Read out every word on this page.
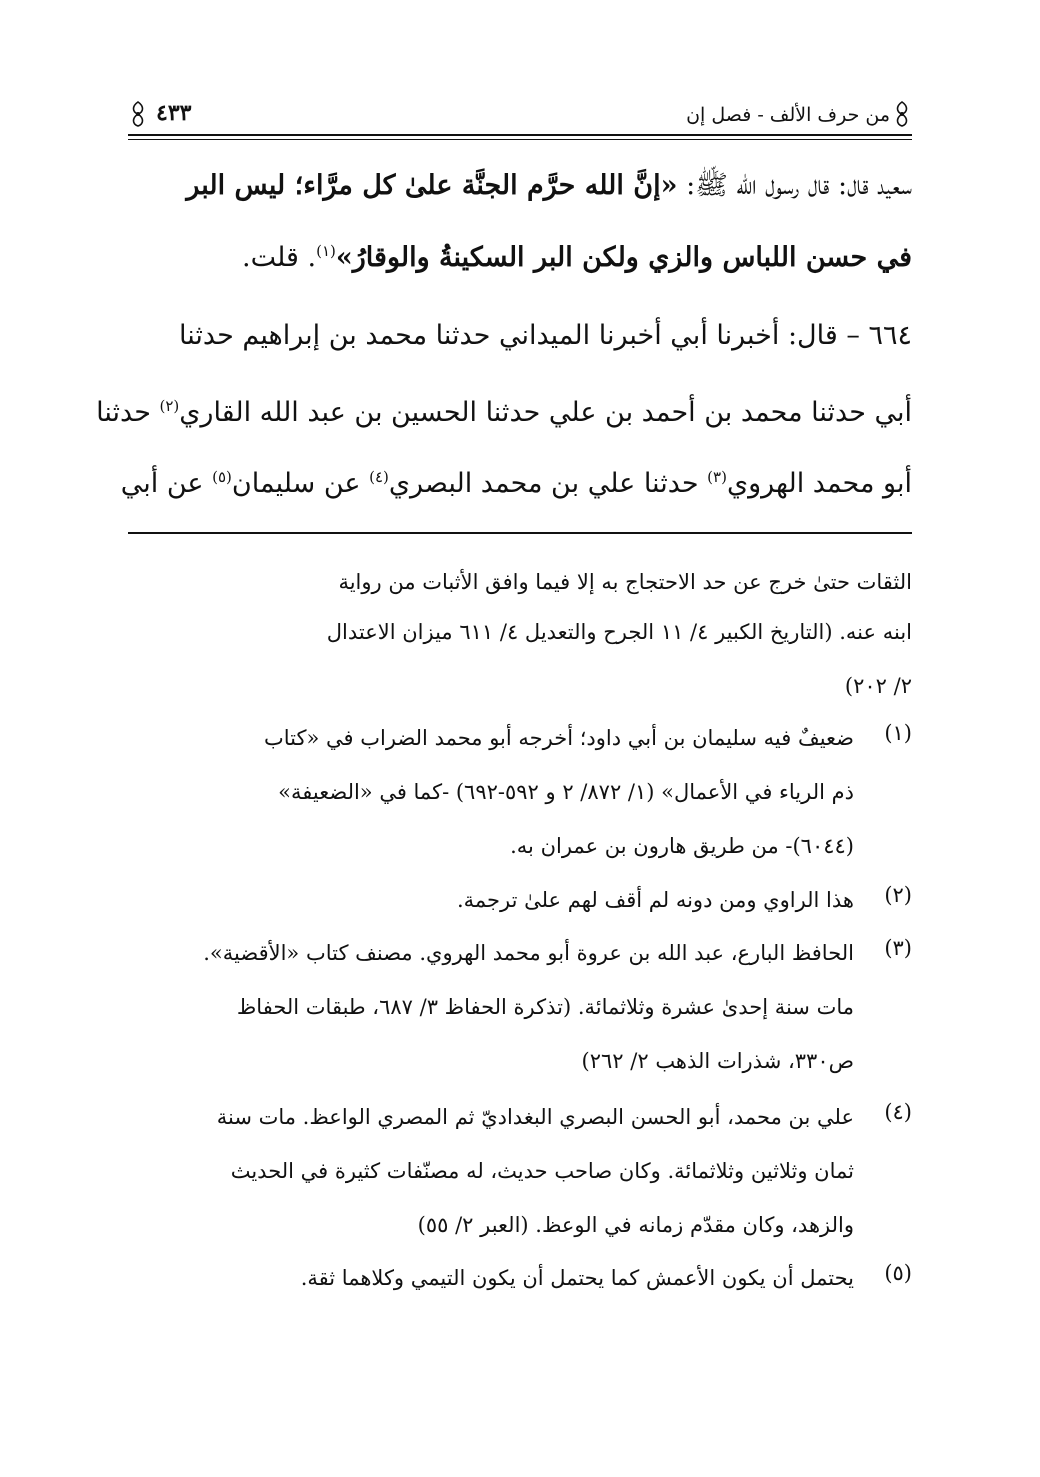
من حرف الألف - فصل إن
٤٣٣
سعيد قال: قال رسول الله ﷺ: «إنَّ الله حرَّم الجنَّة علىٰ كل مرَّاء؛ ليس البر
في حسن اللباس والزي ولكن البر السكينةُ والوقارُ»$^{(١)}$. قلت.
٦٦٤ – قال: أخبرنا أبي أخبرنا الميداني حدثنا محمد بن إبراهيم حدثنا
أبي حدثنا محمد بن أحمد بن علي حدثنا الحسين بن عبد الله القاري$^{(٢)}$ حدثنا
أبو محمد الهروي$^{(٣)}$ حدثنا علي بن محمد البصري$^{(٤)}$ عن سليمان$^{(٥)}$ عن أبي
الثقات حتىٰ خرج عن حد الاحتجاج به إلا فيما وافق الأثبات من رواية
ابنه عنه. (التاريخ الكبير ٤/ ١١ الجرح والتعديل ٤/ ٦١١ ميزان الاعتدال
٢/ ٢٠٢)
(١)
ضعيفٌ فيه سليمان بن أبي داود؛ أخرجه أبو محمد الضراب في «كتاب
ذم الرياء في الأعمال» (١/ ٨٧٢/ ٢ و ٥٩٢-٦٩٢) -كما في «الضعيفة»
(٦٠٤٤)- من طريق هارون بن عمران به.
(٢)
هذا الراوي ومن دونه لم أقف لهم علىٰ ترجمة.
(٣)
الحافظ البارع، عبد الله بن عروة أبو محمد الهروي. مصنف كتاب «الأقضية».
مات سنة إحدىٰ عشرة وثلاثمائة. (تذكرة الحفاظ ٣/ ٦٨٧، طبقات الحفاظ
ص٣٣٠، شذرات الذهب ٢/ ٢٦٢)
(٤)
علي بن محمد، أبو الحسن البصري البغداديّ ثم المصري الواعظ. مات سنة
ثمان وثلاثين وثلاثمائة. وكان صاحب حديث، له مصنّفات كثيرة في الحديث
والزهد، وكان مقدّم زمانه في الوعظ. (العبر ٢/ ٥٥)
(٥)
يحتمل أن يكون الأعمش كما يحتمل أن يكون التيمي وكلاهما ثقة.
